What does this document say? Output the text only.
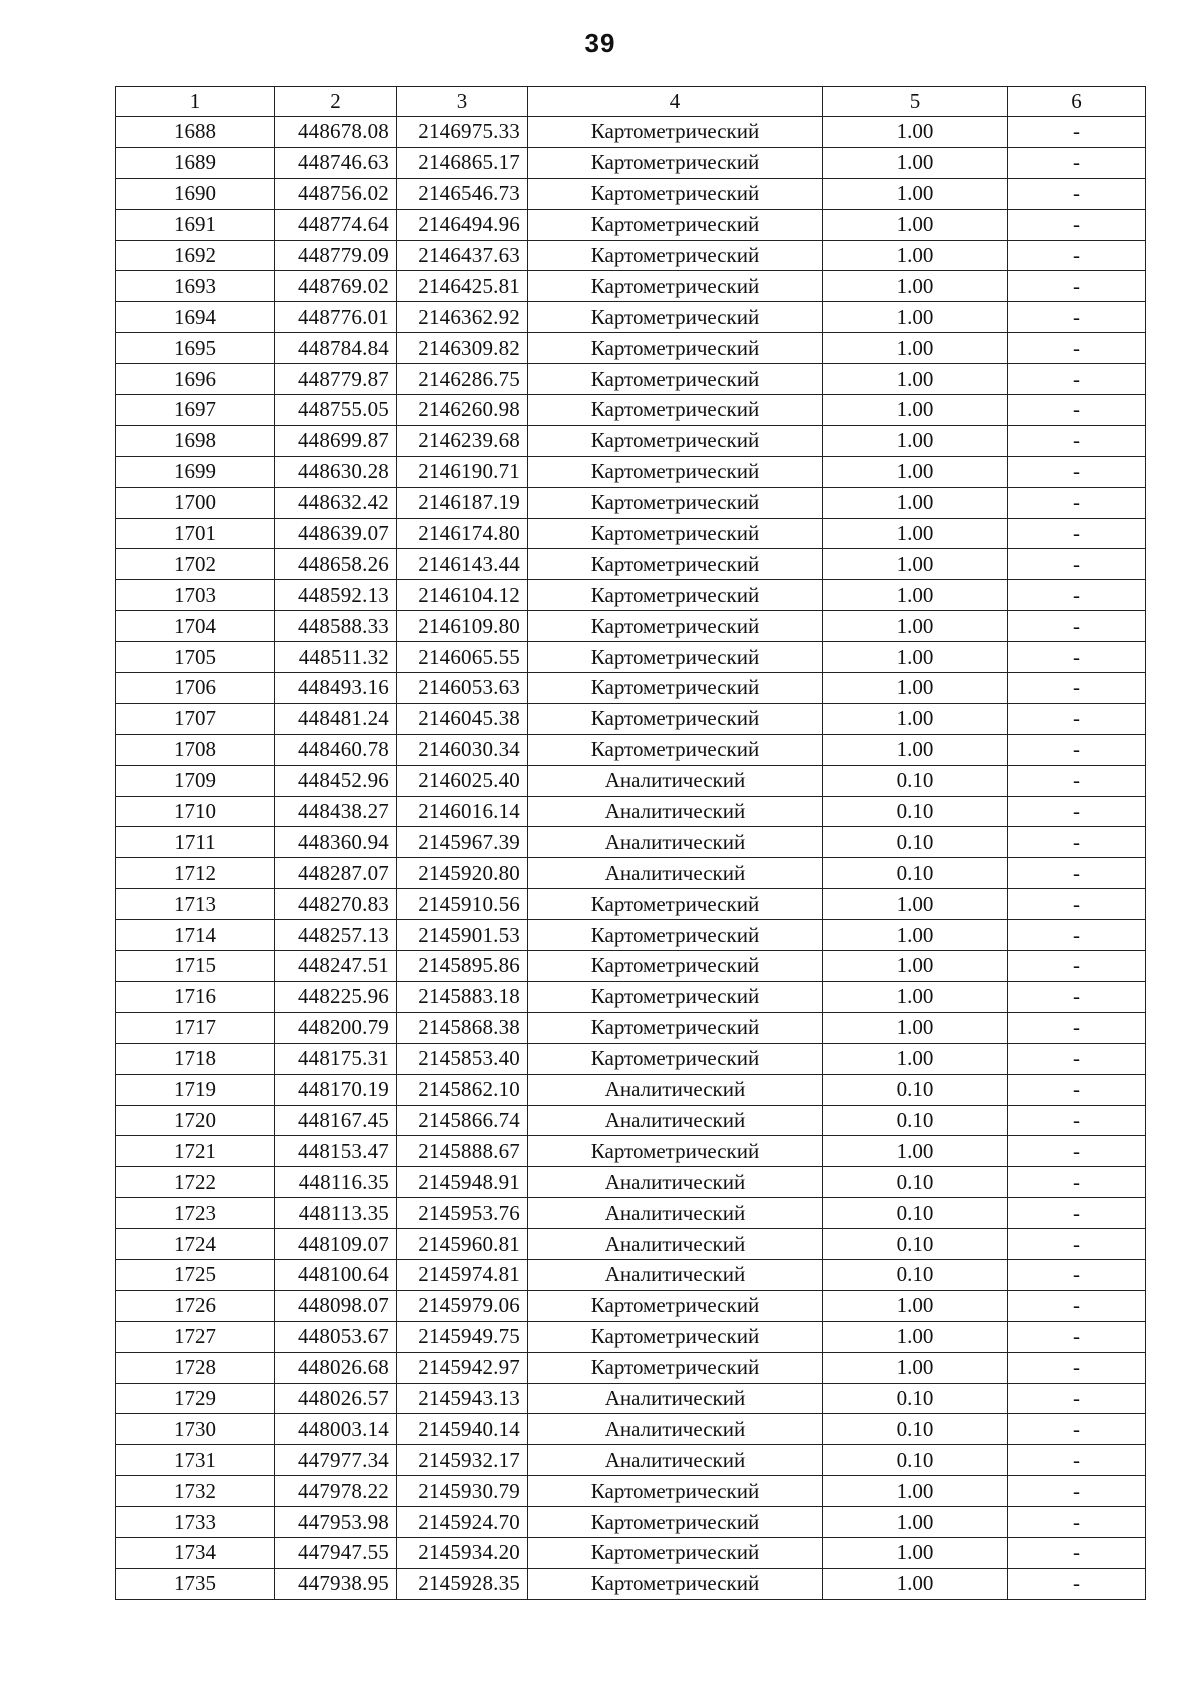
39
1	2	3	4	5	6
1688	448678.08	2146975.33	Картометрический	1.00	-
1689	448746.63	2146865.17	Картометрический	1.00	-
1690	448756.02	2146546.73	Картометрический	1.00	-
1691	448774.64	2146494.96	Картометрический	1.00	-
1692	448779.09	2146437.63	Картометрический	1.00	-
1693	448769.02	2146425.81	Картометрический	1.00	-
1694	448776.01	2146362.92	Картометрический	1.00	-
1695	448784.84	2146309.82	Картометрический	1.00	-
1696	448779.87	2146286.75	Картометрический	1.00	-
1697	448755.05	2146260.98	Картометрический	1.00	-
1698	448699.87	2146239.68	Картометрический	1.00	-
1699	448630.28	2146190.71	Картометрический	1.00	-
1700	448632.42	2146187.19	Картометрический	1.00	-
1701	448639.07	2146174.80	Картометрический	1.00	-
1702	448658.26	2146143.44	Картометрический	1.00	-
1703	448592.13	2146104.12	Картометрический	1.00	-
1704	448588.33	2146109.80	Картометрический	1.00	-
1705	448511.32	2146065.55	Картометрический	1.00	-
1706	448493.16	2146053.63	Картометрический	1.00	-
1707	448481.24	2146045.38	Картометрический	1.00	-
1708	448460.78	2146030.34	Картометрический	1.00	-
1709	448452.96	2146025.40	Аналитический	0.10	-
1710	448438.27	2146016.14	Аналитический	0.10	-
1711	448360.94	2145967.39	Аналитический	0.10	-
1712	448287.07	2145920.80	Аналитический	0.10	-
1713	448270.83	2145910.56	Картометрический	1.00	-
1714	448257.13	2145901.53	Картометрический	1.00	-
1715	448247.51	2145895.86	Картометрический	1.00	-
1716	448225.96	2145883.18	Картометрический	1.00	-
1717	448200.79	2145868.38	Картометрический	1.00	-
1718	448175.31	2145853.40	Картометрический	1.00	-
1719	448170.19	2145862.10	Аналитический	0.10	-
1720	448167.45	2145866.74	Аналитический	0.10	-
1721	448153.47	2145888.67	Картометрический	1.00	-
1722	448116.35	2145948.91	Аналитический	0.10	-
1723	448113.35	2145953.76	Аналитический	0.10	-
1724	448109.07	2145960.81	Аналитический	0.10	-
1725	448100.64	2145974.81	Аналитический	0.10	-
1726	448098.07	2145979.06	Картометрический	1.00	-
1727	448053.67	2145949.75	Картометрический	1.00	-
1728	448026.68	2145942.97	Картометрический	1.00	-
1729	448026.57	2145943.13	Аналитический	0.10	-
1730	448003.14	2145940.14	Аналитический	0.10	-
1731	447977.34	2145932.17	Аналитический	0.10	-
1732	447978.22	2145930.79	Картометрический	1.00	-
1733	447953.98	2145924.70	Картометрический	1.00	-
1734	447947.55	2145934.20	Картометрический	1.00	-
1735	447938.95	2145928.35	Картометрический	1.00	-
